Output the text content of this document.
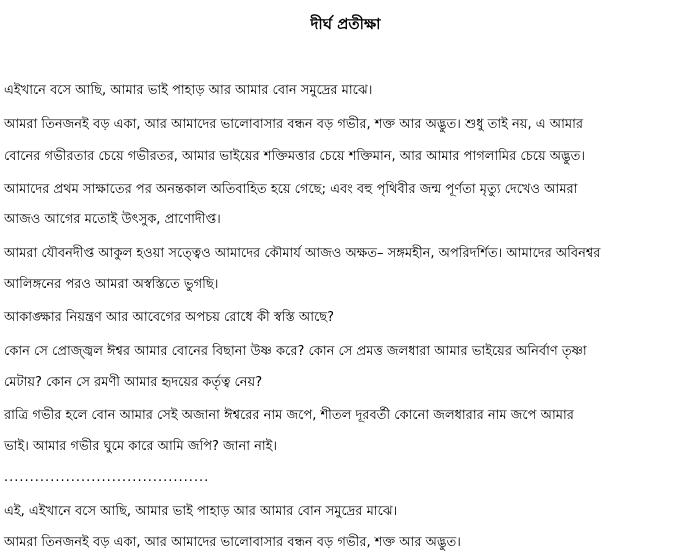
দীর্ঘ প্রতীক্ষা
এইখানে বসে আছি, আমার ভাই পাহাড় আর আমার বোন সমুদ্রের মাঝে।
আমরা তিনজনই বড় একা, আর আমাদের ভালোবাসার বন্ধন বড় গভীর, শক্ত আর অদ্ভুত। শুধু তাই নয়, এ আমার
বোনের গভীরতার চেয়ে গভীরতর, আমার ভাইয়ের শক্তিমত্তার চেয়ে শক্তিমান, আর আমার পাগলামির চেয়ে অদ্ভুত।
আমাদের প্রথম সাক্ষাতের পর অনন্তকাল অতিবাহিত হয়ে গেছে; এবং বহু পৃথিবীর জন্ম পূর্ণতা মৃত্যু দেখেও আমরা
আজও আগের মতোই উৎসুক, প্রাণোদীপ্ত।
আমরা যৌবনদীপ্ত আকুল হওয়া সত্ত্বেও আমাদের কৌমার্য আজও অক্ষত– সঙ্গমহীন, অপরিদর্শিত। আমাদের অবিনশ্বর
আলিঙ্গনের পরও আমরা অস্বস্তিতে ভুগছি।
আকাঙ্ক্ষার নিয়ন্ত্রণ আর আবেগের অপচয় রোধে কী স্বস্তি আছে?
কোন সে প্রোজ্জ্বল ঈশ্বর আমার বোনের বিছানা উষ্ণ করে? কোন সে প্রমত্ত জলধারা আমার ভাইয়ের অনির্বাণ তৃষ্ণা
মেটায়? কোন সে রমণী আমার হৃদয়ের কর্তৃত্ব নেয়?
রাত্রি গভীর হলে বোন আমার সেই অজানা ঈশ্বরের নাম জপে, শীতল দূরবর্তী কোনো জলধারার নাম জপে আমার
ভাই। আমার গভীর ঘুমে কারে আমি জপি? জানা নাই।
........................................
এই, এইখানে বসে আছি, আমার ভাই পাহাড় আর আমার বোন সমুদ্রের মাঝে।
আমরা তিনজনই বড় একা, আর আমাদের ভালোবাসার বন্ধন বড় গভীর, শক্ত আর অদ্ভুত।
